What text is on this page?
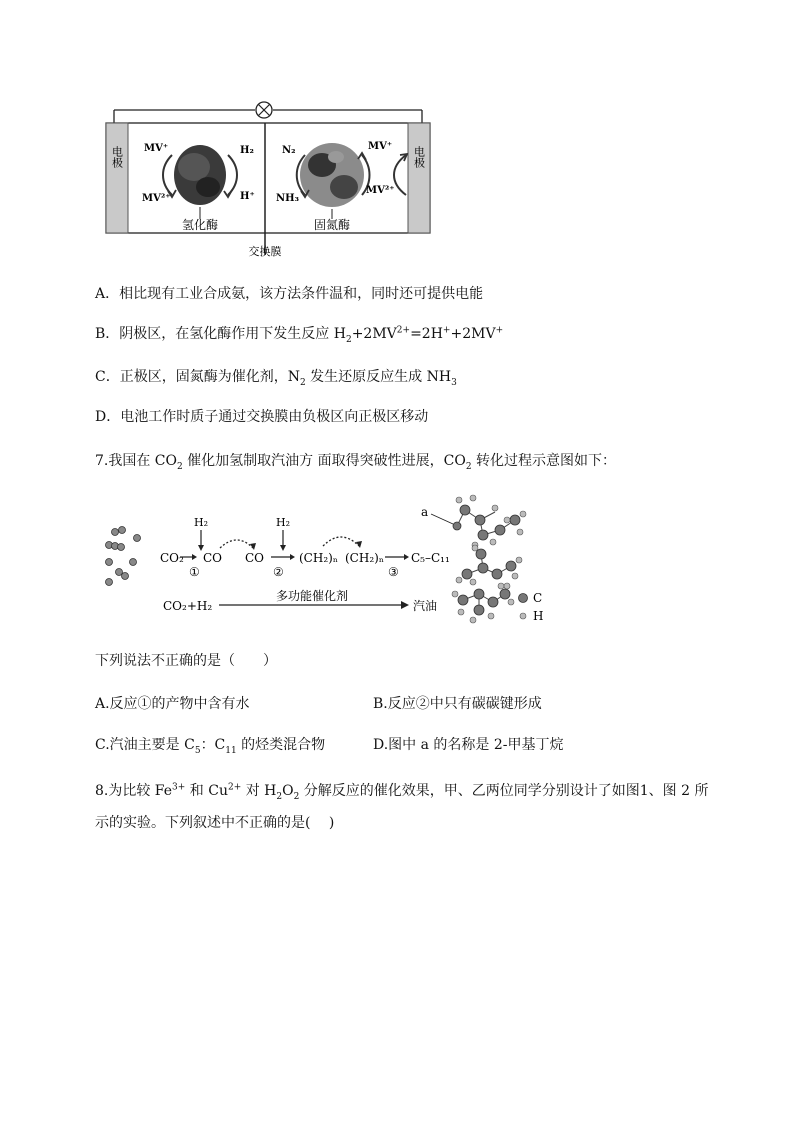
电极	电极
MV⁺
MV²⁺
H₂
H⁺
N₂
NH₃
MV⁺
MV²⁺
氢化酶	固氮酶
交换膜
A．相比现有工业合成氨，该方法条件温和，同时还可提供电能
B．阴极区，在氢化酶作用下发生反应 $H_2+2MV^{2+}=2H^++2MV^+$
C．正极区，固氮酶为催化剂，$N_2$ 发生还原反应生成 $NH_3$
D．电池工作时质子通过交换膜由负极区向正极区移动
7.我国在 $CO_2$ 催化加氢制取汽油方 面取得突破性进展，$CO_2$ 转化过程示意图如下：
CO₂
H₂
CO
①
CO
H₂
②
(CH₂)ₙ (CH₂)ₙ
③
C₅–C₁₁
CO₂+H₂
多功能催化剂
汽油
a
C
H
下列说法不正确的是（　　）
A.反应①的产物中含有水	B.反应②中只有碳碳键形成
C.汽油主要是 $C_5$：$C_{11}$ 的烃类混合物	D.图中 a 的名称是 2-甲基丁烷
8.为比较 $Fe^{3+}$ 和 $Cu^{2+}$ 对 $H_2O_2$ 分解反应的催化效果，甲、乙两位同学分别设计了如图1、图 2 所
示的实验。下列叙述中不正确的是(　 )
